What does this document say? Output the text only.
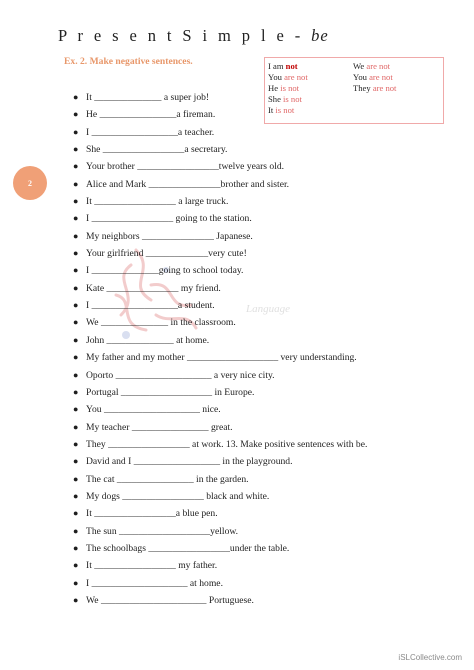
P r e s e n t S i m p l e - be
Ex. 2. Make negative sentences.	I am not	We are not
You are not	You are not
He is not	They are not
She is not
It is not
2
Language
● It ______________ a super job!
● He ________________a fireman.
● I __________________a teacher.
● She _________________a secretary.
● Your brother _________________twelve years old.
● Alice and Mark _______________brother and sister.
● It _________________ a large truck.
● I _________________ going to the station.
● My neighbors _______________ Japanese.
● Your girlfriend _____________very cute!
● I ______________going to school today.
● Kate _______________ my friend.
● I __________________a student.
● We ______________ in the classroom.
● John ______________ at home.
● My father and my mother ___________________ very understanding.
● Oporto ____________________ a very nice city.
● Portugal ___________________ in Europe.
● You ____________________ nice.
● My teacher ________________ great.
● They _________________ at work. 13. Make positive sentences with be.
● David and I __________________ in the playground.
● The cat ________________ in the garden.
● My dogs _________________ black and white.
● It _________________a blue pen.
● The sun ___________________yellow.
● The schoolbags _________________under the table.
● It _________________ my father.
● I ____________________ at home.
● We ______________________ Portuguese.
iSLCollective.com
